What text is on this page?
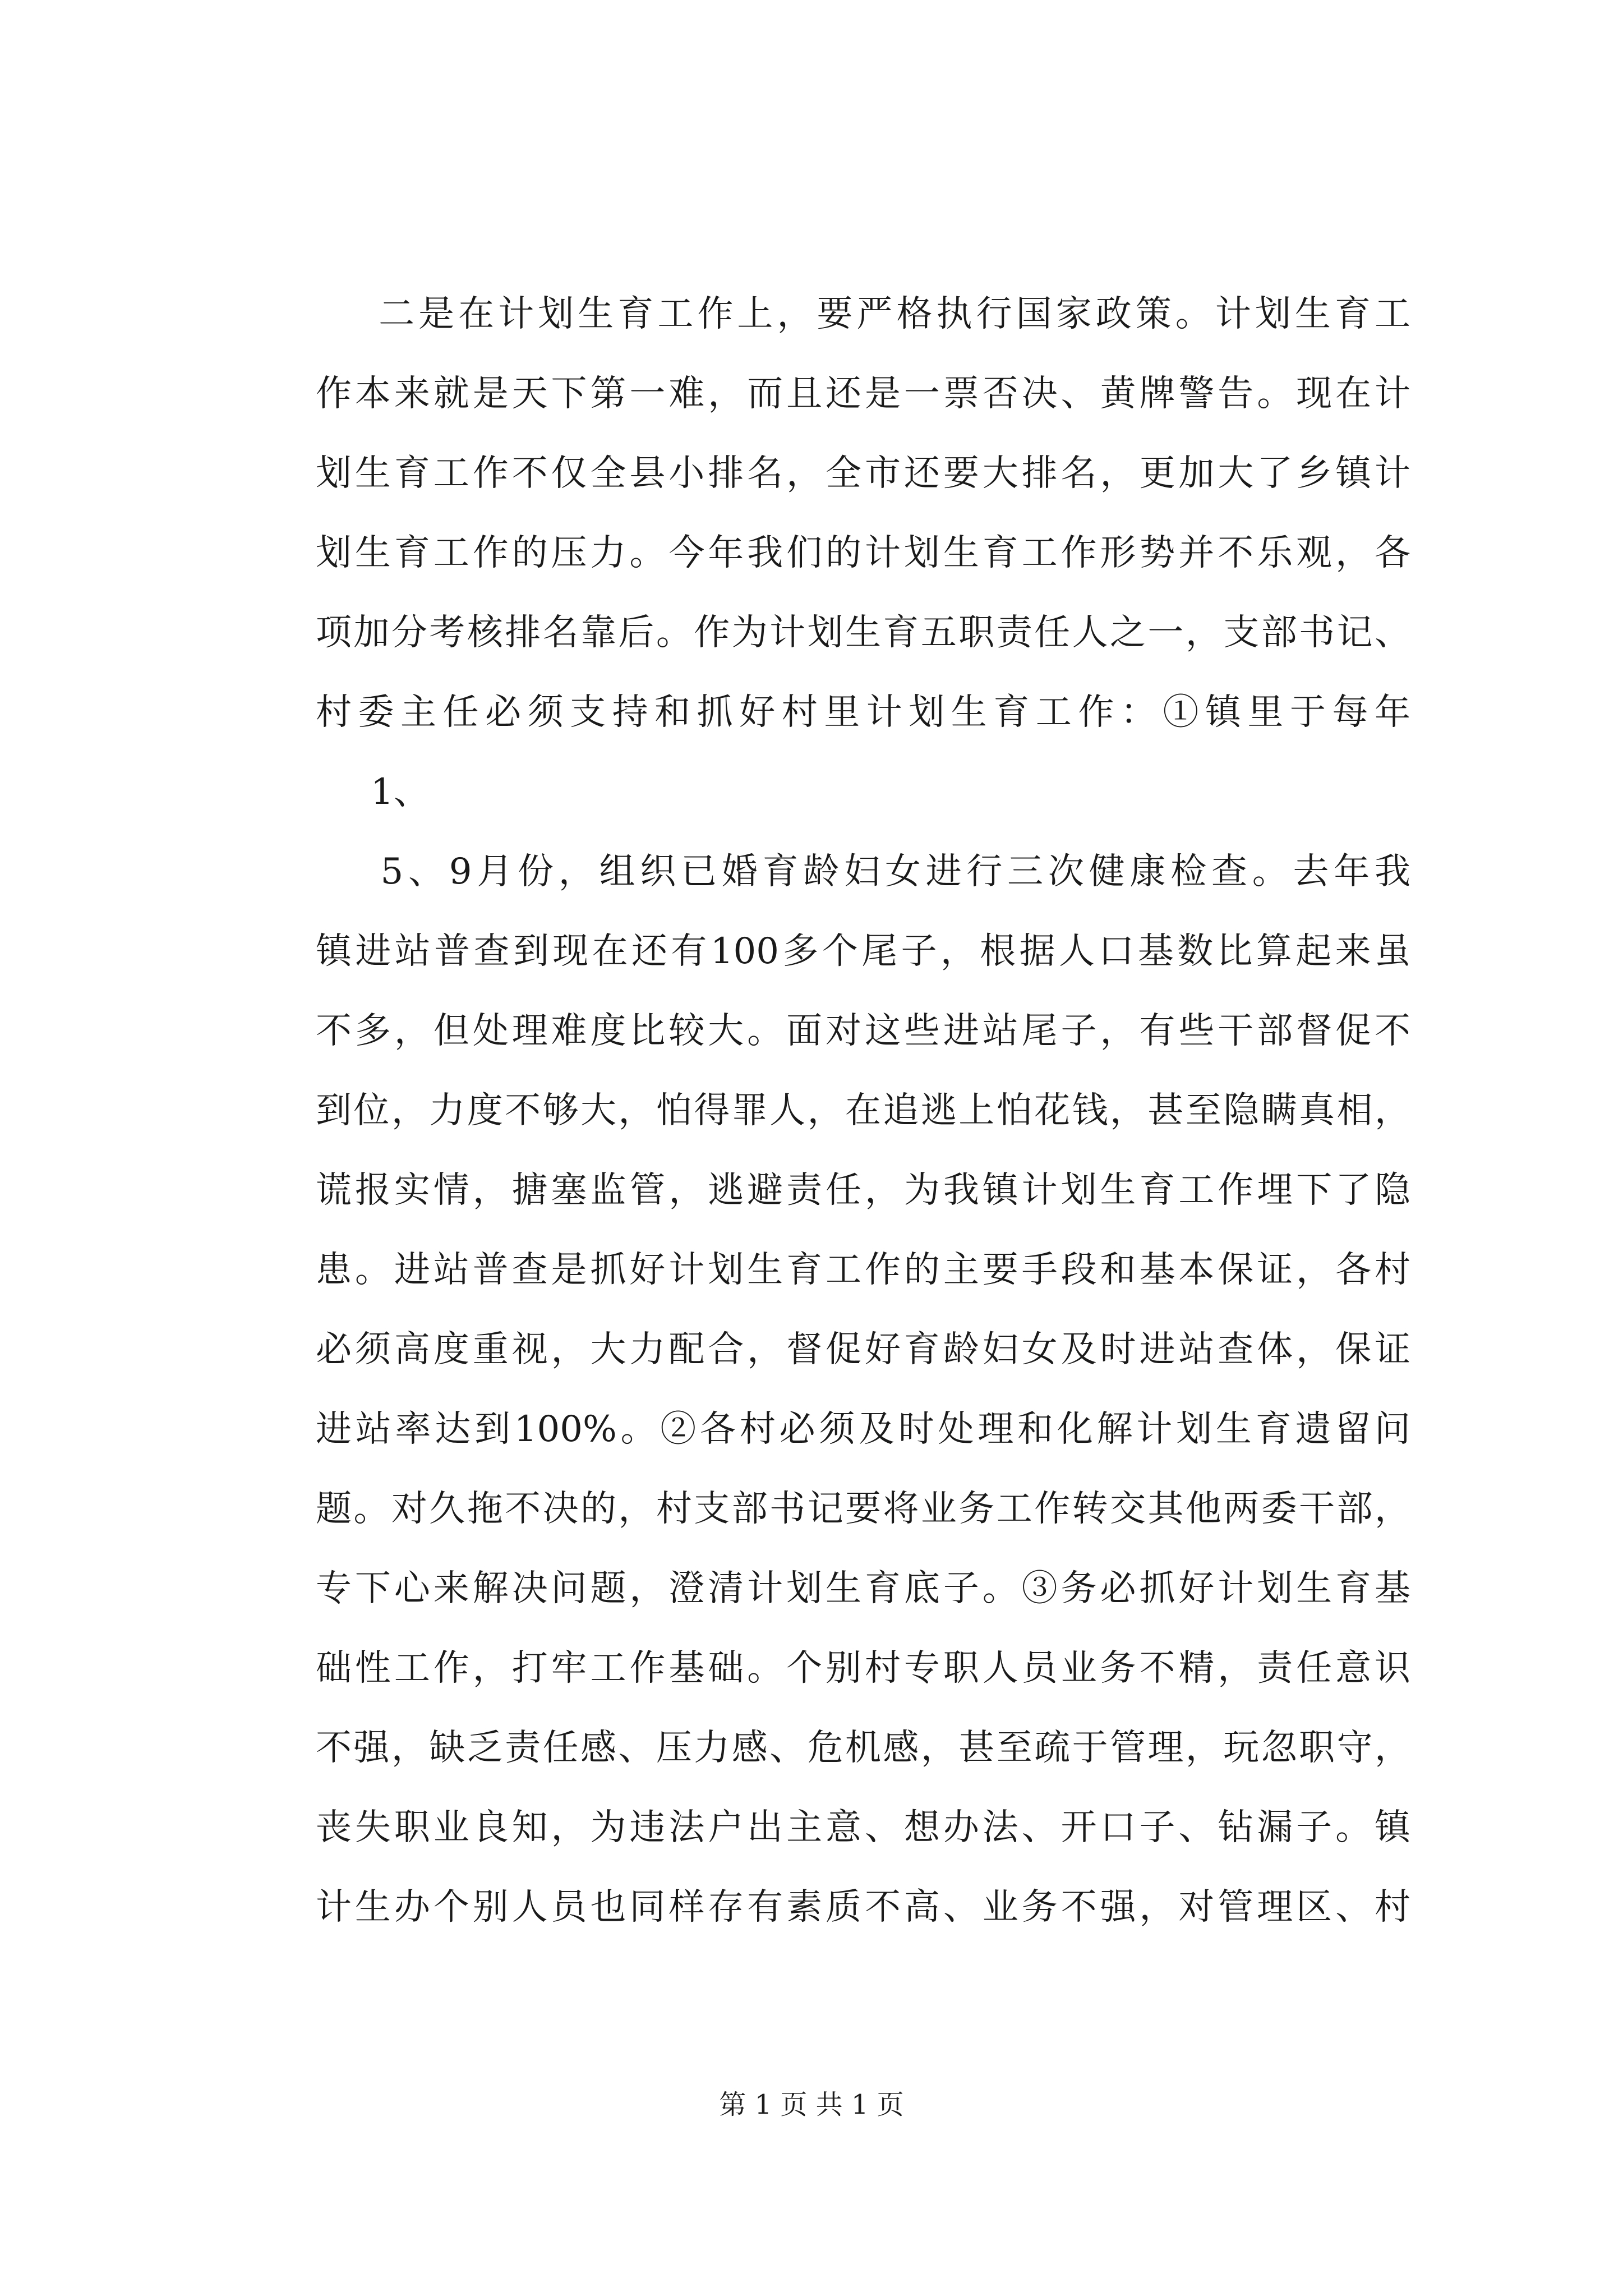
　　二是在计划生育工作上，要严格执行国家政策。计划生育工
作本来就是天下第一难，而且还是一票否决、黄牌警告。现在计
划生育工作不仅全县小排名，全市还要大排名，更加大了乡镇计
划生育工作的压力。今年我们的计划生育工作形势并不乐观，各
项加分考核排名靠后。作为计划生育五职责任人之一，支部书记、
村委主任必须支持和抓好村里计划生育工作：①镇里于每年
　　1、
　　5、9月份，组织已婚育龄妇女进行三次健康检查。去年我
镇进站普查到现在还有100多个尾子，根据人口基数比算起来虽
不多，但处理难度比较大。面对这些进站尾子，有些干部督促不
到位，力度不够大，怕得罪人，在追逃上怕花钱，甚至隐瞒真相，
谎报实情，搪塞监管，逃避责任，为我镇计划生育工作埋下了隐
患。进站普查是抓好计划生育工作的主要手段和基本保证，各村
必须高度重视，大力配合，督促好育龄妇女及时进站查体，保证
进站率达到100%。②各村必须及时处理和化解计划生育遗留问
题。对久拖不决的，村支部书记要将业务工作转交其他两委干部，
专下心来解决问题，澄清计划生育底子。③务必抓好计划生育基
础性工作，打牢工作基础。个别村专职人员业务不精，责任意识
不强，缺乏责任感、压力感、危机感，甚至疏于管理，玩忽职守，
丧失职业良知，为违法户出主意、想办法、开口子、钻漏子。镇
计生办个别人员也同样存有素质不高、业务不强，对管理区、村
第 1 页 共 1 页
